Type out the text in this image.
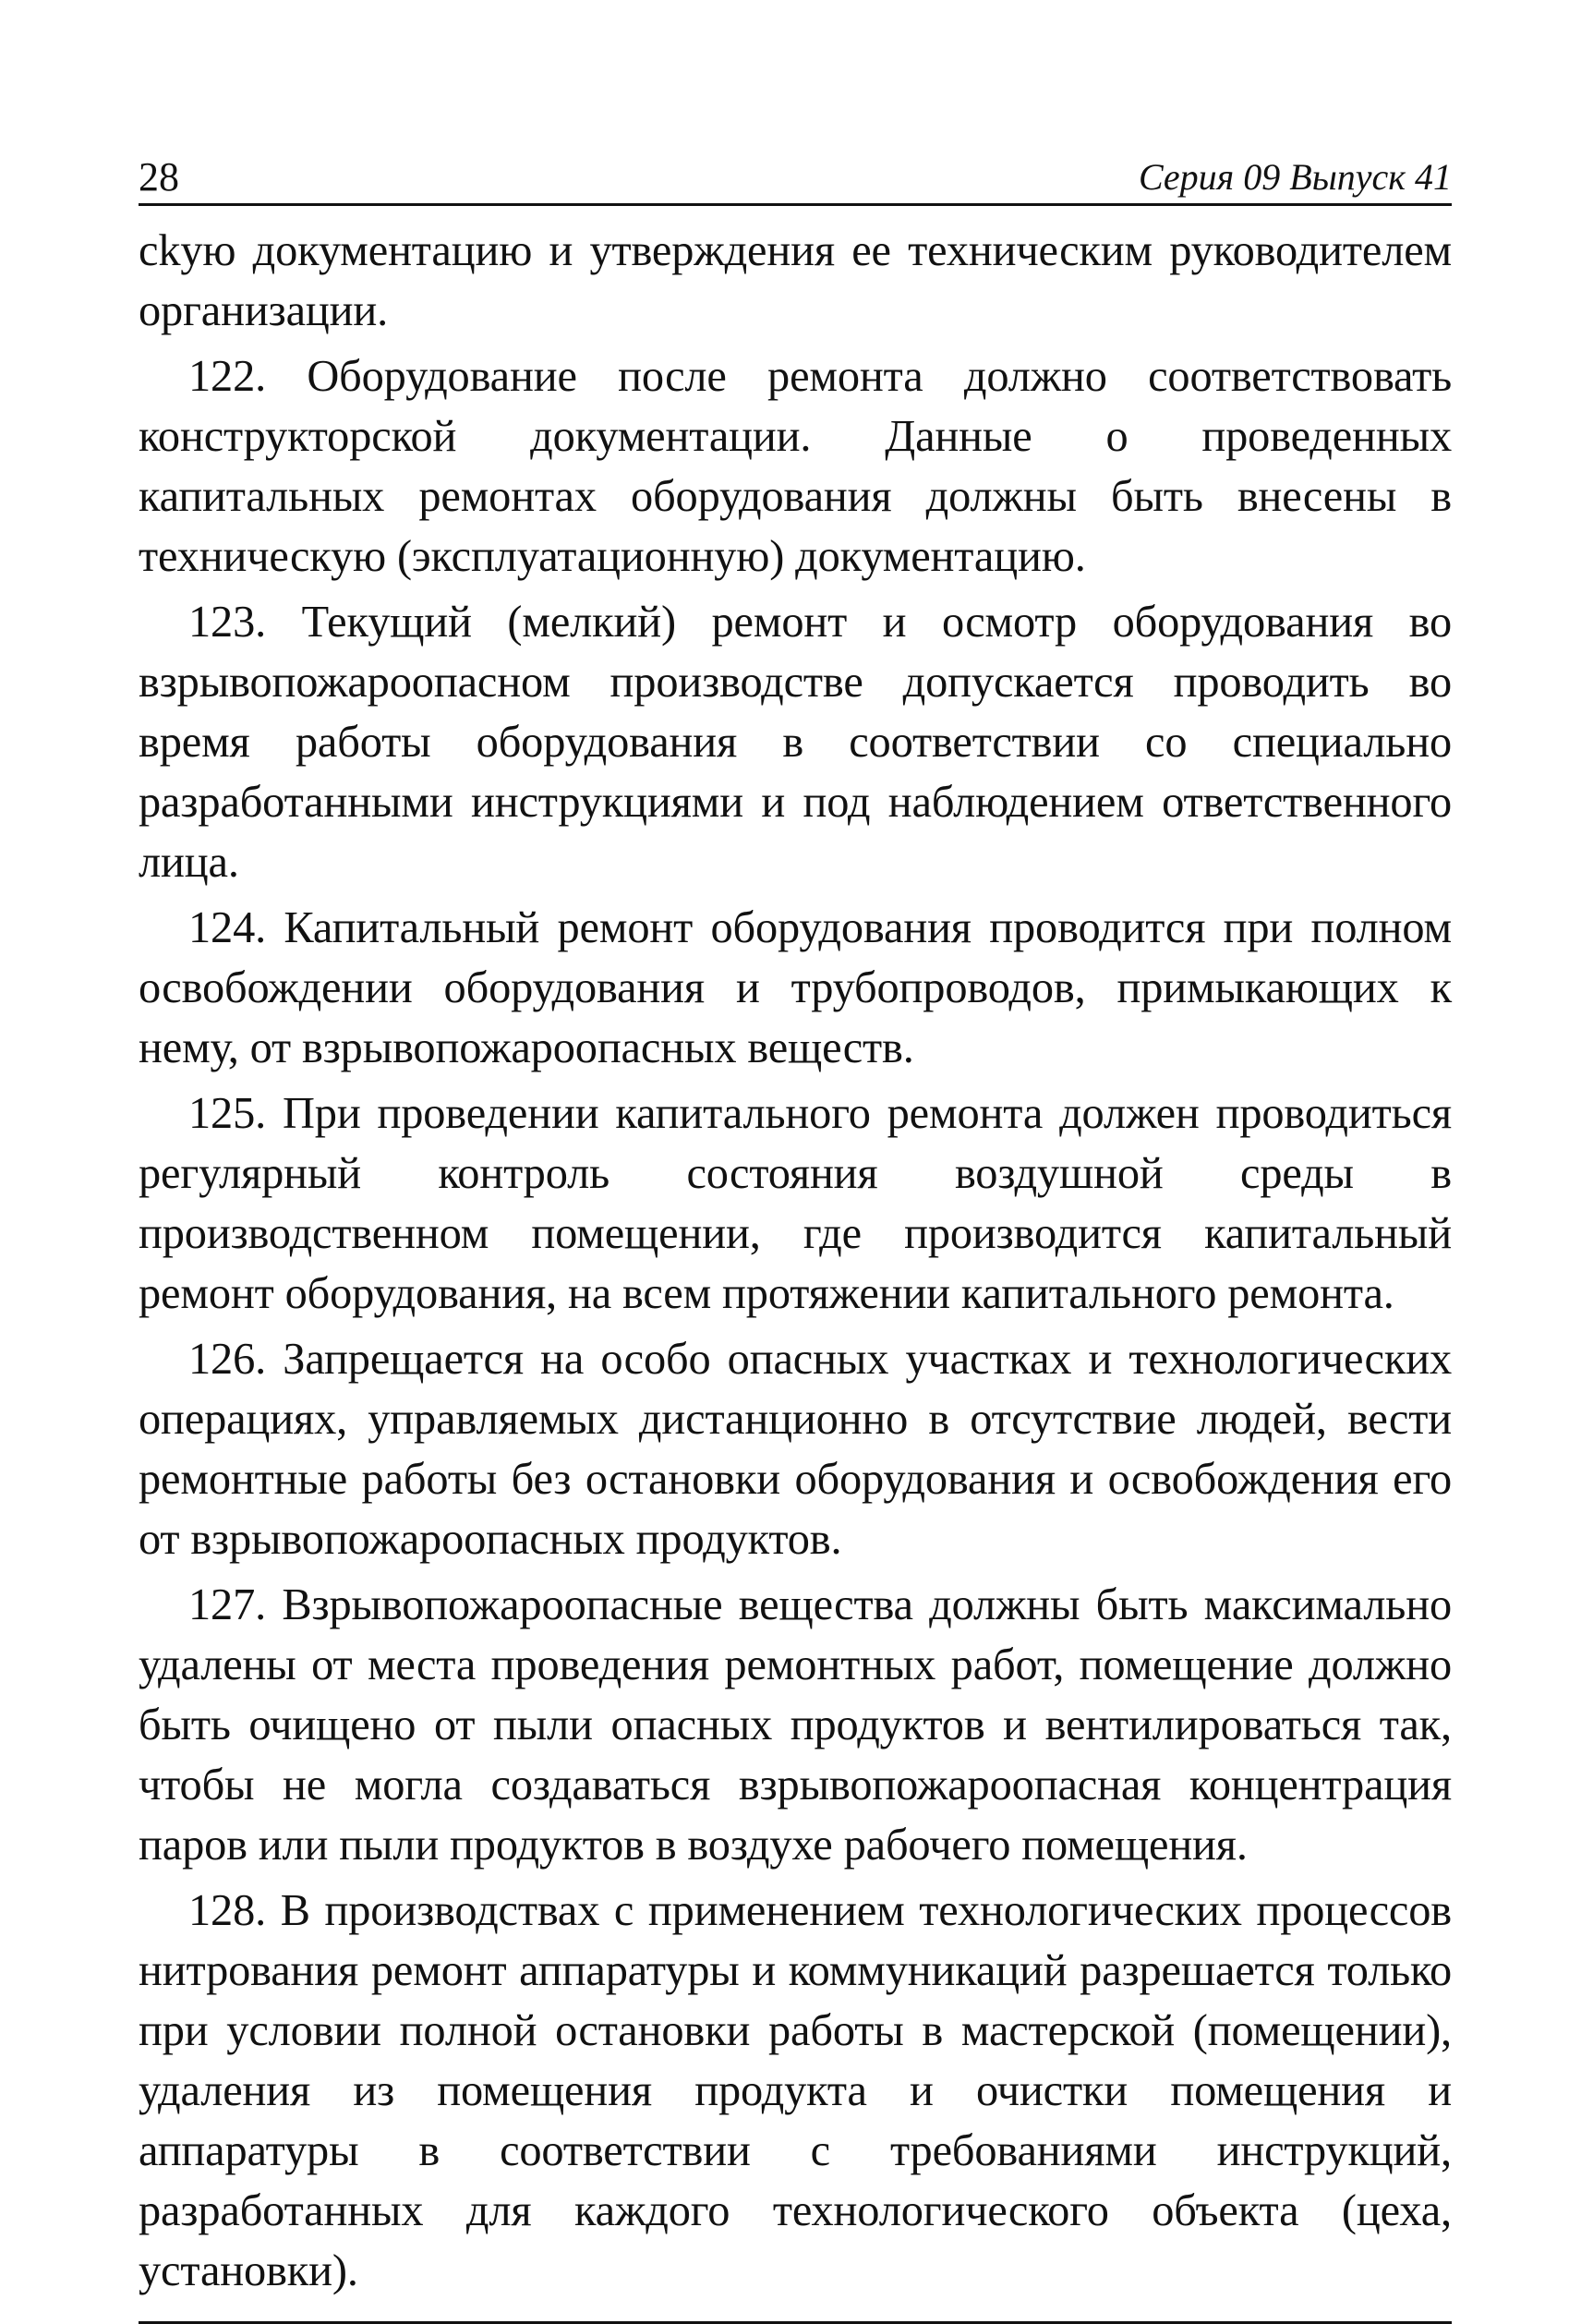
28	Серия 09 Выпуск 41

ckyю документацию и утверждения ее техническим руководителем организации.

122. Оборудование после ремонта должно соответствовать конструкторской документации. Данные о проведенных капитальных ремонтах оборудования должны быть внесены в техническую (эксплуатационную) документацию.

123. Текущий (мелкий) ремонт и осмотр оборудования во взрывопожароопасном производстве допускается проводить во время работы оборудования в соответствии со специально разработанными инструкциями и под наблюдением ответственного лица.

124. Капитальный ремонт оборудования проводится при полном освобождении оборудования и трубопроводов, примыкающих к нему, от взрывопожароопасных веществ.

125. При проведении капитального ремонта должен проводиться регулярный контроль состояния воздушной среды в производственном помещении, где производится капитальный ремонт оборудования, на всем протяжении капитального ремонта.

126. Запрещается на особо опасных участках и технологических операциях, управляемых дистанционно в отсутствие людей, вести ремонтные работы без остановки оборудования и освобождения его от взрывопожароопасных продуктов.

127. Взрывопожароопасные вещества должны быть максимально удалены от места проведения ремонтных работ, помещение должно быть очищено от пыли опасных продуктов и вентилироваться так, чтобы не могла создаваться взрывопожароопасная концентрация паров или пыли продуктов в воздухе рабочего помещения.

128. В производствах с применением технологических процессов нитрования ремонт аппаратуры и коммуникаций разрешается только при условии полной остановки работы в мастерской (помещении), удаления из помещения продукта и очистки помещения и аппаратуры в соответствии с требованиями инструкций, разработанных для каждого технологического объекта (цеха, установки).
